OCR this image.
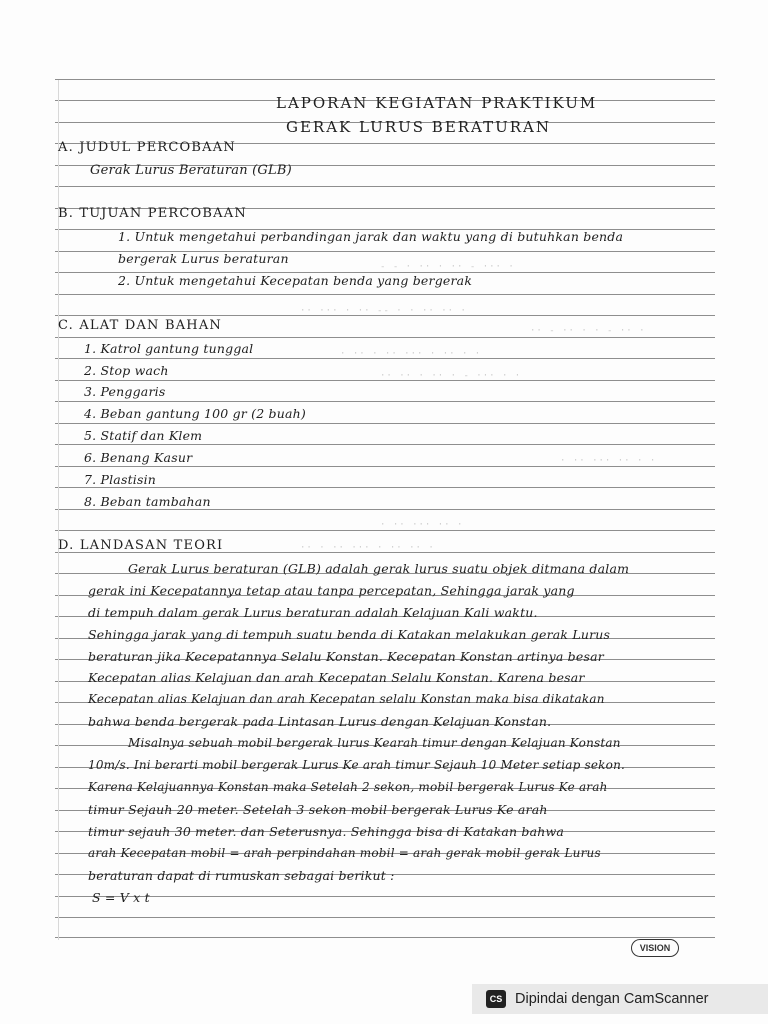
- - · ·· · ·· - ··· ·
·· ··· · ·· -- · · ·· ·· ·
·· - ·· · · - ·· ·
· ·· · ·· ··· · ·· · ·
·· ·· · ·· · - ··· · ·
· ·· ··· ·· · ·
· ·· ··· ·· ·
·· · ·· ··· · ·· ·· ·
LAPORAN KEGIATAN PRAKTIKUM
GERAK LURUS BERATURAN
A. JUDUL PERCOBAAN
Gerak Lurus Beraturan (GLB)
B. TUJUAN PERCOBAAN
1. Untuk mengetahui perbandingan jarak dan waktu yang di butuhkan benda
bergerak Lurus beraturan
2. Untuk mengetahui Kecepatan benda yang bergerak
C. ALAT DAN BAHAN
1. Katrol gantung tunggal
2. Stop wach
3. Penggaris
4. Beban gantung 100 gr (2 buah)
5. Statif dan Klem
6. Benang Kasur
7. Plastisin
8. Beban tambahan
D. LANDASAN TEORI
Gerak Lurus beraturan (GLB) adalah gerak lurus suatu objek ditmana dalam
gerak ini Kecepatannya tetap atau tanpa percepatan, Sehingga jarak yang
di tempuh dalam gerak Lurus beraturan adalah Kelajuan Kali waktu.
Sehingga jarak yang di tempuh suatu benda di Katakan melakukan gerak Lurus
beraturan jika Kecepatannya Selalu Konstan. Kecepatan Konstan artinya besar
Kecepatan alias Kelajuan dan arah Kecepatan Selalu Konstan. Karena besar
Kecepatan alias Kelajuan dan arah Kecepatan selalu Konstan maka bisa dikatakan
bahwa benda bergerak pada Lintasan Lurus dengan Kelajuan Konstan.
Misalnya sebuah mobil bergerak lurus Kearah timur dengan Kelajuan Konstan
10m/s. Ini berarti mobil bergerak Lurus Ke arah timur Sejauh 10 Meter setiap sekon.
Karena Kelajuannya Konstan maka Setelah 2 sekon, mobil bergerak Lurus Ke arah
timur Sejauh 20 meter. Setelah 3 sekon mobil bergerak Lurus Ke arah
timur sejauh 30 meter. dan Seterusnya. Sehingga bisa di Katakan bahwa
arah Kecepatan mobil = arah perpindahan mobil = arah gerak mobil gerak Lurus
beraturan dapat di rumuskan sebagai berikut :
S = V x t
VISION
CS Dipindai dengan CamScanner
